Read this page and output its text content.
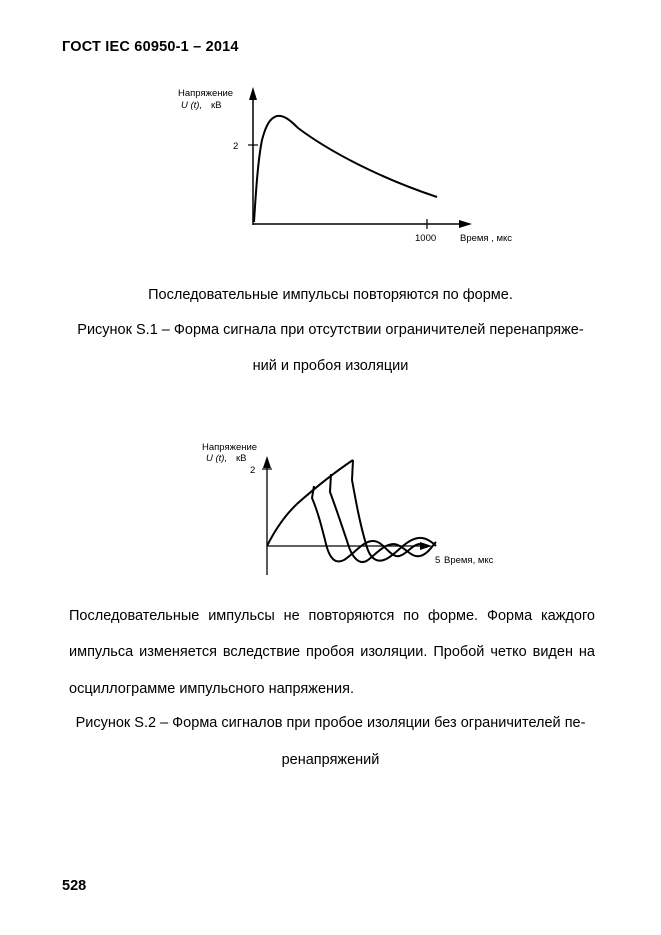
ГОСТ IEC 60950-1 – 2014
Напряжение
U (t), кВ
2
1000	Время , мкс
Последовательные импульсы повторяются по форме.
Рисунок S.1 – Форма сигнала при отсутствии ограничителей перенапряже-
ний и пробоя изоляции
Напряжение
U (t), кВ
2
5 Время, мкс
Последовательные импульсы не повторяются по форме. Форма каждого
импульса изменяется вследствие пробоя изоляции. Пробой четко виден на
осциллограмме импульсного напряжения.
Рисунок S.2 – Форма сигналов при пробое изоляции без ограничителей пе-
ренапряжений
528
